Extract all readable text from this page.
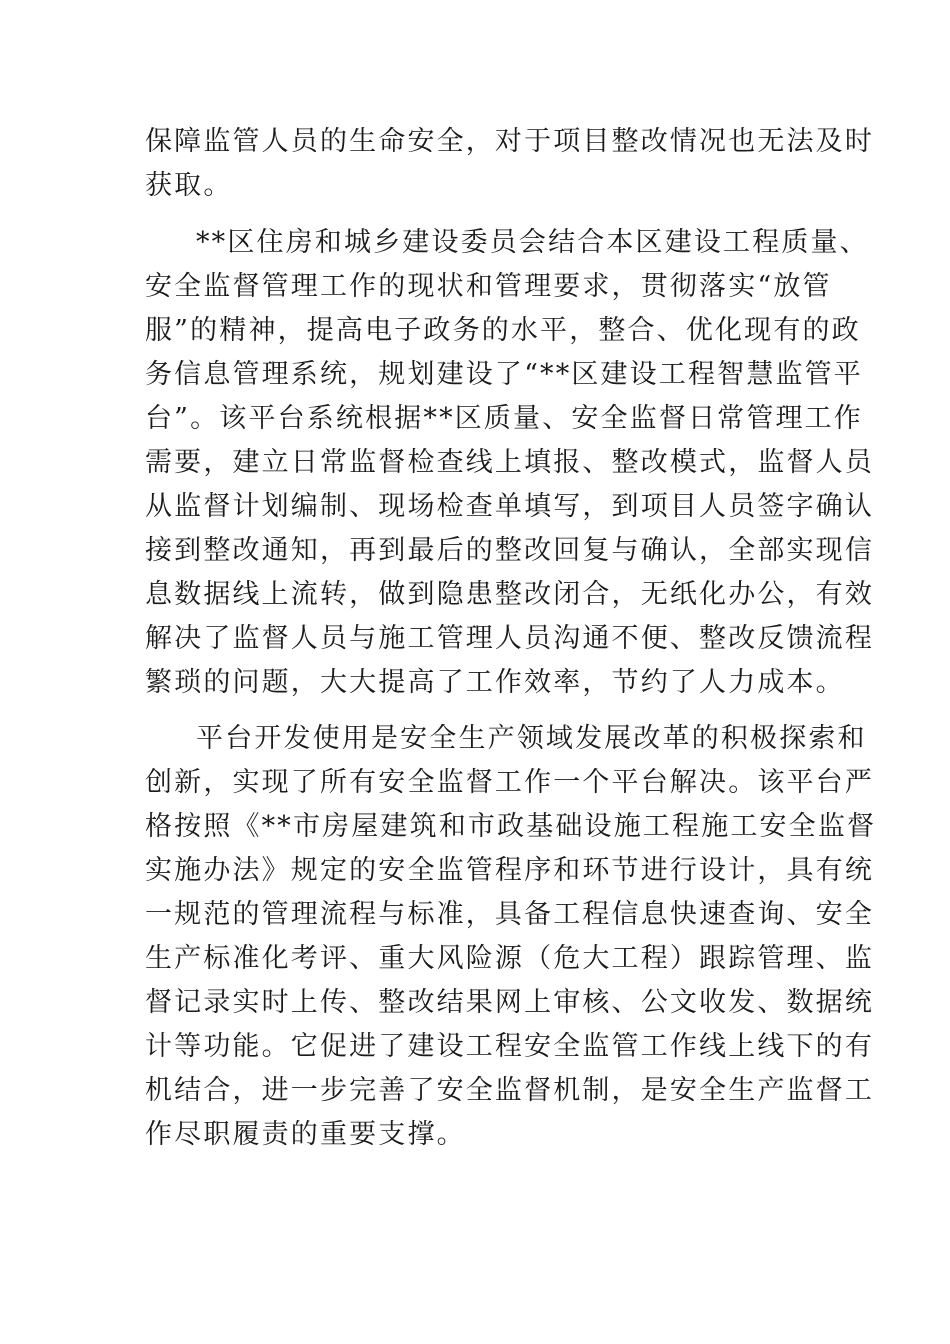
保障监管人员的生命安全，对于项目整改情况也无法及时
获取。
**区住房和城乡建设委员会结合本区建设工程质量、
安全监督管理工作的现状和管理要求，贯彻落实“放管
服”的精神，提高电子政务的水平，整合、优化现有的政
务信息管理系统，规划建设了“**区建设工程智慧监管平
台”。该平台系统根据**区质量、安全监督日常管理工作
需要，建立日常监督检查线上填报、整改模式，监督人员
从监督计划编制、现场检查单填写，到项目人员签字确认
接到整改通知，再到最后的整改回复与确认，全部实现信
息数据线上流转，做到隐患整改闭合，无纸化办公，有效
解决了监督人员与施工管理人员沟通不便、整改反馈流程
繁琐的问题，大大提高了工作效率，节约了人力成本。
平台开发使用是安全生产领域发展改革的积极探索和
创新，实现了所有安全监督工作一个平台解决。该平台严
格按照《**市房屋建筑和市政基础设施工程施工安全监督
实施办法》规定的安全监管程序和环节进行设计，具有统
一规范的管理流程与标准，具备工程信息快速查询、安全
生产标准化考评、重大风险源（危大工程）跟踪管理、监
督记录实时上传、整改结果网上审核、公文收发、数据统
计等功能。它促进了建设工程安全监管工作线上线下的有
机结合，进一步完善了安全监督机制，是安全生产监督工
作尽职履责的重要支撑。
